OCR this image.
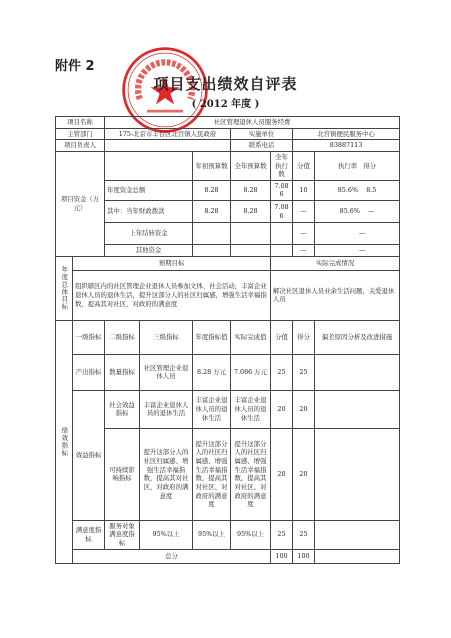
附件 2
项目支出绩效自评表
( 2012 年度 )
项目名称		社区管理退休人员服务经费						
主管部门		175-北京市丰台区北宫镇人民政府			实施单位		北宫镇便民服务中心	
项目负责人					联系电话		83887113	
项目资金（万元）				年初预算数	全年预算数	全年执行数	分值	执行率 得分
		年度资金总额		8.28	8.28	7.086	10	85.6% 8.5
		其中：当年财政拨款		8.28	8.28	7.086	—	85.6% —
		上年结转资金					—	—
		其他资金					—	—

年度总体目标	预期目标					实际完成情况		
	组织辖区内的社区管理企业退休人员参加文体、社会活动，丰富企业退休人员的退休生活，提升这部分人的社区归属感，增强生活幸福指数，提高其对社区，对政府的满意度					解决社区退休人员业余生活问题，关爱退休人员		

绩效指标	一级指标	二级指标	三级指标	年度指标值	实际完成值	分值	得分	偏差原因分析及改进措施
	产出指标	数量指标	社区管理企业退休人员	8.28 万元	7.086 万元	25	25	
	效益指标	社会效益指标	丰富企业退休人员的退休生活	丰富企业退休人员的退休生活	丰富企业退休人员的退休生活	20	20	
		可持续影响指标	提升这部分人的社区归属感、增强生活幸福指数，提高其对社区、对政府的满意度	提升这部分人的社区归属感、增强生活幸福指数，提高其对社区、对政府的满意度	提升这部分人的社区归属感、增强生活幸福指数，提高其对社区、对政府的满意度	20	20	
	满意度指标	服务对象满意度指标	95%以上	95%以上	95%以上	25	25	
	总分					100	100	
